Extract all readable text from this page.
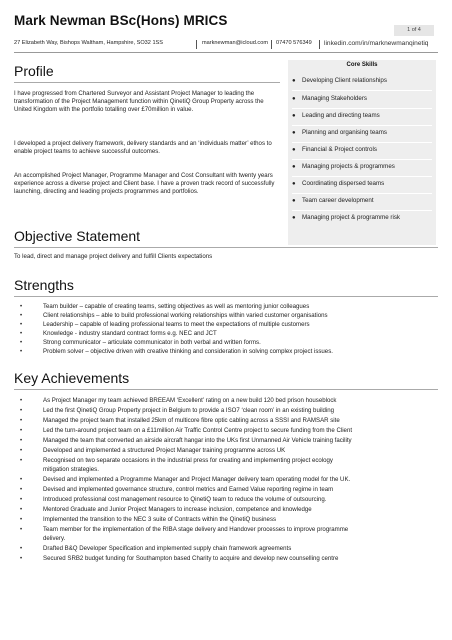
Mark Newman BSc(Hons) MRICS
1 of 4
27 Elizabeth Way, Bishops Waltham, Hampshire, SO32 1SS	marknewman@icloud.com 07470 576349 linkedin.com/in/marknewmanqinetiq
Profile
I have progressed from Chartered Surveyor and Assistant Project Manager to leading the transformation of the Project Management function within QinetiQ Group Property across the United Kingdom with the portfolio totalling over £70million in value.
I developed a project delivery framework, delivery standards and an ‘individuals matter’ ethos to enable project teams to achieve successful outcomes.
An accomplished Project Manager, Programme Manager and Cost Consultant with twenty years experience across a diverse project and Client base. I have a proven track record of successfully launching, directing and leading projects programmes and portfolios.
Core Skills
● Developing Client relationships
● Managing Stakeholders
● Leading and directing teams
● Planning and organising teams
● Financial & Project controls
● Managing projects & programmes
● Coordinating dispersed teams
● Team career development
● Managing project & programme risk
Objective Statement
To lead, direct and manage project delivery and fulfill Clients expectations
Strengths
•	Team builder – capable of creating teams, setting objectives as well as mentoring junior colleagues
•	Client relationships – able to build professional working relationships within varied customer organisations
•	Leadership – capable of leading professional teams to meet the expectations of multiple customers
•	Knowledge - industry standard contract forms e.g. NEC and JCT
•	Strong communicator – articulate communicator in both verbal and written forms.
•	Problem solver – objective driven with creative thinking and consideration in solving complex project issues.
Key Achievements
•	As Project Manager my team achieved BREEAM ‘Excellent’ rating on a new build 120 bed prison houseblock
•	Led the first QinetiQ Group Property project in Belgium to provide a ISO7 ‘clean room’ in an existing building
•	Managed the project team that installed 25km of multicore fibre optic cabling across a SSSI and RAMSAR site
•	Led the turn-around project team on a £11million Air Traffic Control Centre project to secure funding from the Client
•	Managed the team that converted an airside aircraft hangar into the UKs first Unmanned Air Vehicle training facility
•	Developed and implemented a structured Project Manager training programme across UK
•	Recognised on two separate occasions in the industrial press for creating and implementing project ecology
mitigation strategies.
•	Devised and implemented a Programme Manager and Project Manager delivery team operating model for the UK.
•	Devised and implemented governance structure, control metrics and Earned Value reporting regime in team
•	Introduced professional cost management resource to QinetiQ team to reduce the volume of outsourcing.
•	Mentored Graduate and Junior Project Managers to increase inclusion, competence and knowledge
•	Implemented the transition to the NEC 3 suite of Contracts within the QinetiQ business
•	Team member for the implementation of the RIBA stage delivery and Handover processes to improve programme
delivery.
•	Drafted B&Q Developer Specification and implemented supply chain framework agreements
•	Secured SRB2 budget funding for Southampton based Charity to acquire and develop new counselling centre
